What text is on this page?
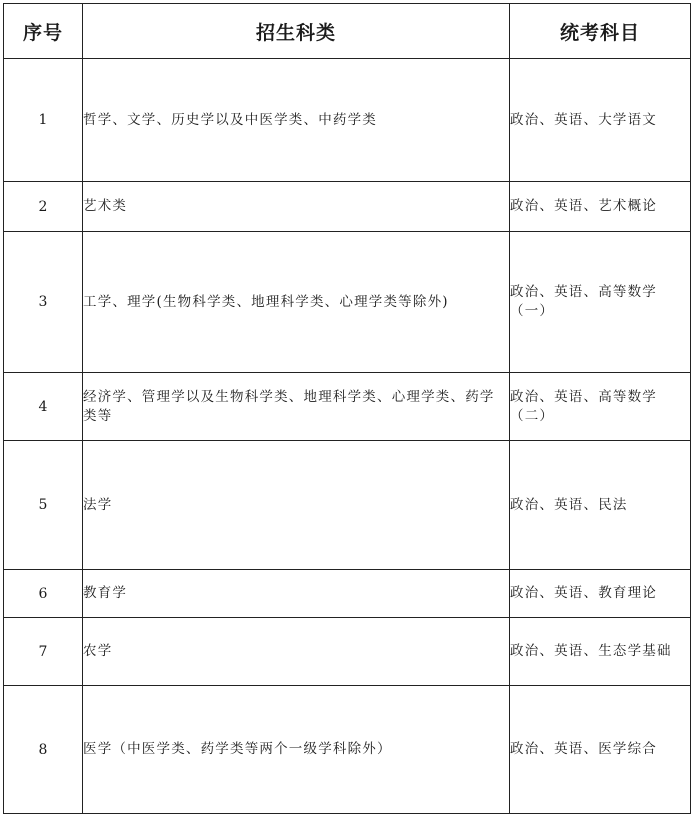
序号	招生科类	统考科目
1	哲学、文学、历史学以及中医学类、中药学类	政治、英语、大学语文
2	艺术类	政治、英语、艺术概论
3	工学、理学(生物科学类、地理科学类、心理学类等除外)	政治、英语、高等数学（一）
4	经济学、管理学以及生物科学类、地理科学类、心理学类、药学类等	政治、英语、高等数学（二）
5	法学	政治、英语、民法
6	教育学	政治、英语、教育理论
7	农学	政治、英语、生态学基础
8	医学（中医学类、药学类等两个一级学科除外）	政治、英语、医学综合
